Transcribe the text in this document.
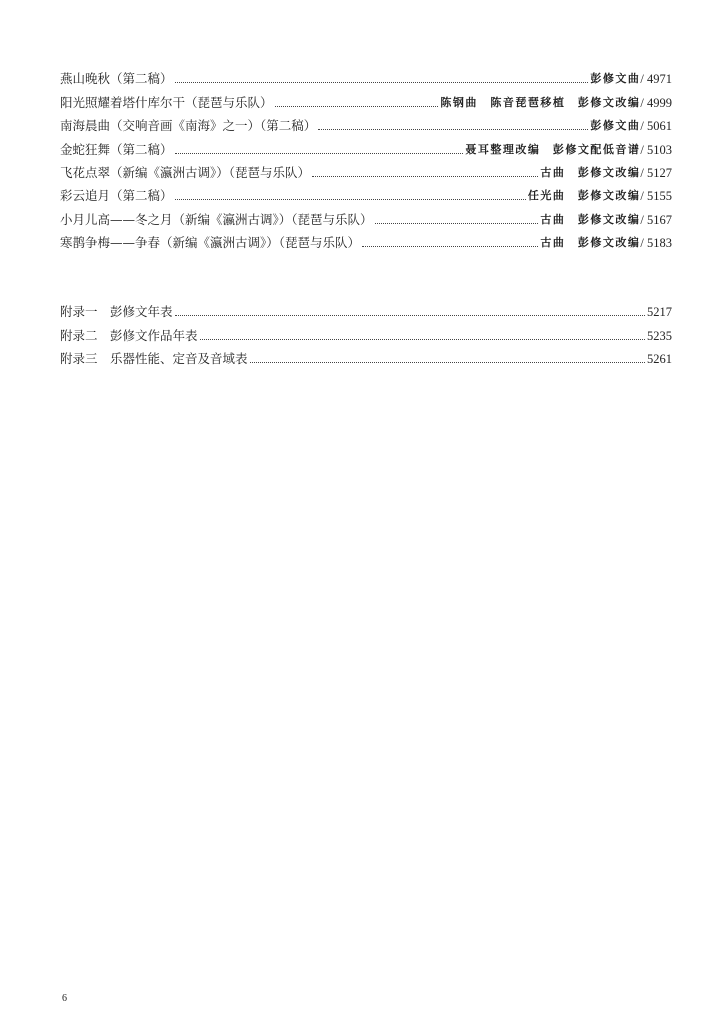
燕山晚秋（第二稿）	彭修文曲 / 4971
阳光照耀着塔什库尔干（琵琶与乐队）	陈钢曲　陈音琵琶移植　彭修文改编 / 4999
南海晨曲（交响音画《南海》之一）（第二稿）	彭修文曲 / 5061
金蛇狂舞（第二稿）	聂耳整理改编　彭修文配低音谱 / 5103
飞花点翠（新编《瀛洲古调》）（琵琶与乐队）	古曲　彭修文改编 / 5127
彩云追月（第二稿）	任光曲　彭修文改编 / 5155
小月儿高——冬之月（新编《瀛洲古调》）（琵琶与乐队）	古曲　彭修文改编 / 5167
寒鹊争梅——争春（新编《瀛洲古调》）（琵琶与乐队）	古曲　彭修文改编 / 5183
附录一　彭修文年表	5217
附录二　彭修文作品年表	5235
附录三　乐器性能、定音及音域表	5261
6
